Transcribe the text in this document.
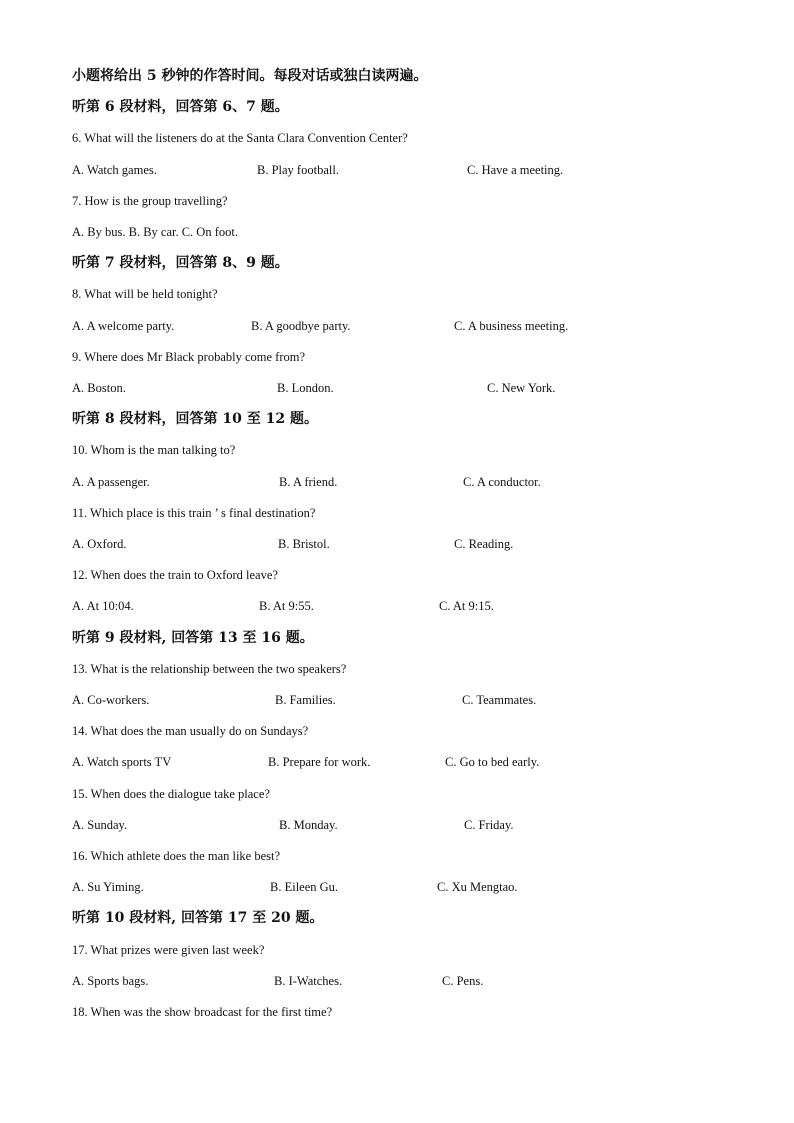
小题将给出 5 秒钟的作答时间。每段对话或独白读两遍。
听第 6 段材料，回答第 6、7 题。
6. What will the listeners do at the Santa Clara Convention Center?
A. Watch games.	B. Play football.	C. Have a meeting.
7. How is the group travelling?
A. By bus. B. By car. C. On foot.
听第 7 段材料，回答第 8、9 题。
8. What will be held tonight?
A. A welcome party.	B. A goodbye party.	C. A business meeting.
9. Where does Mr Black probably come from?
A. Boston.	B. London.	C. New York.
听第 8 段材料，回答第 10 至 12 题。
10. Whom is the man talking to?
A. A passenger.	B. A friend.	C. A conductor.
11. Which place is this train ’ s final destination?
A. Oxford.	B. Bristol.	C. Reading.
12. When does the train to Oxford leave?
A. At 10:04.	B. At 9:55.	C. At 9:15.
听第 9 段材料, 回答第 13 至 16 题。
13. What is the relationship between the two speakers?
A. Co-workers.	B. Families.	C. Teammates.
14. What does the man usually do on Sundays?
A. Watch sports TV	B. Prepare for work.	C. Go to bed early.
15. When does the dialogue take place?
A. Sunday.	B. Monday.	C. Friday.
16. Which athlete does the man like best?
A. Su Yiming.	B. Eileen Gu.	C. Xu Mengtao.
听第 10 段材料, 回答第 17 至 20 题。
17. What prizes were given last week?
A. Sports bags.	B. I-Watches.	C. Pens.
18. When was the show broadcast for the first time?
